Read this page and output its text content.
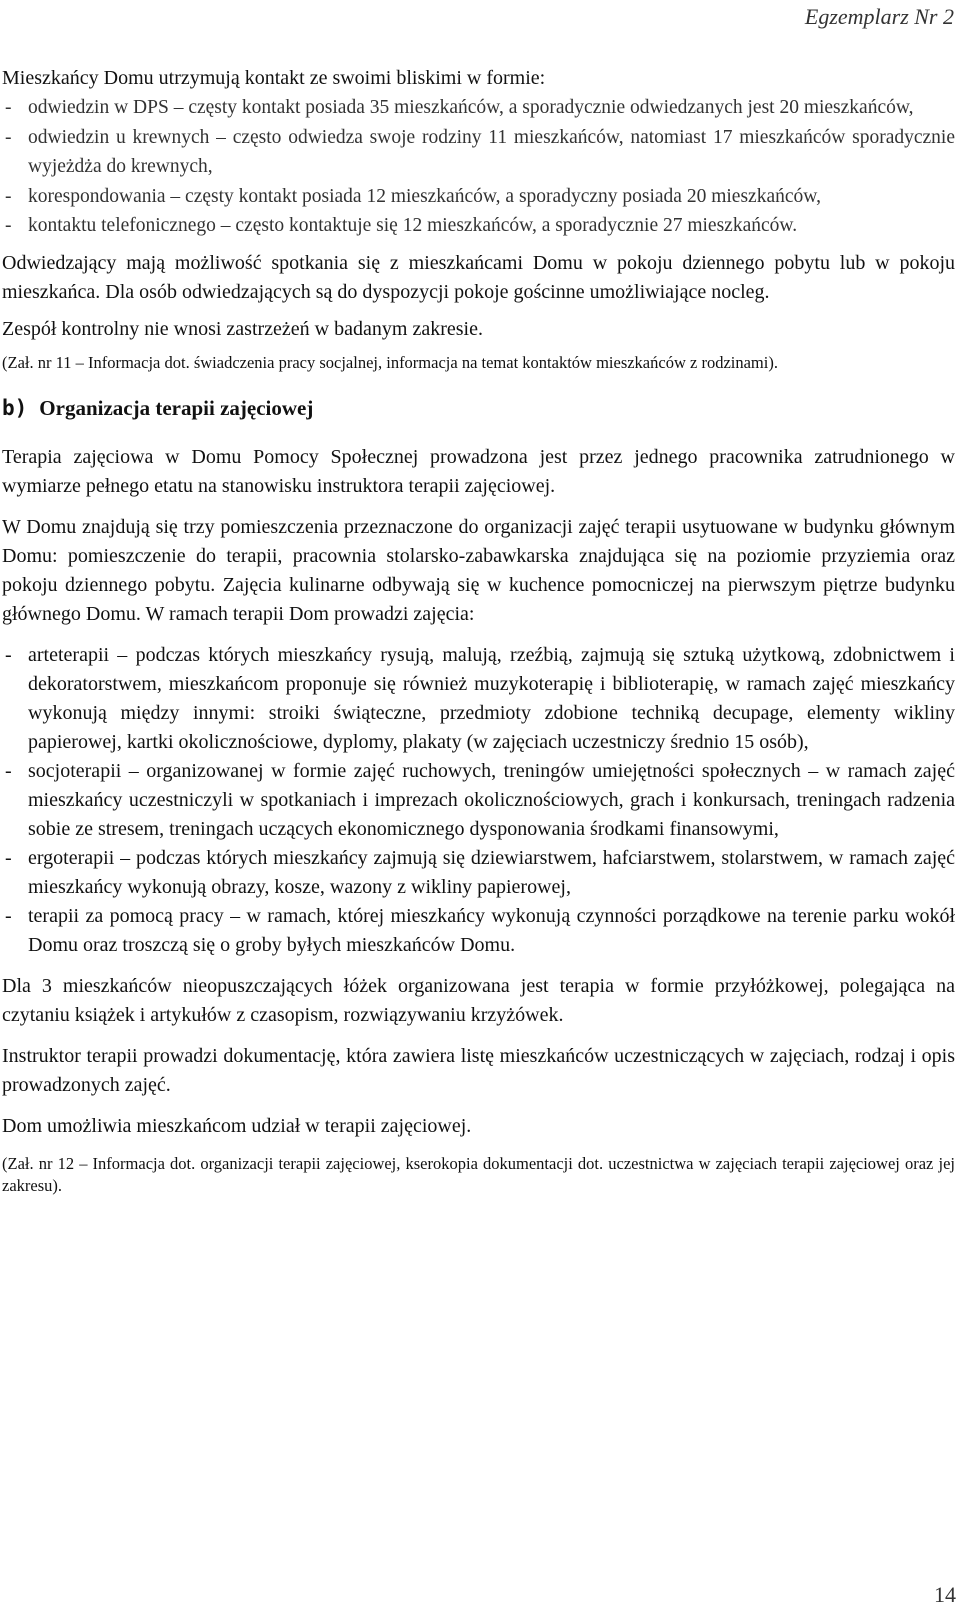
Egzemplarz Nr 2

Mieszkańcy Domu utrzymują kontakt ze swoimi bliskimi w formie:

- odwiedzin w DPS – częsty kontakt posiada 35 mieszkańców, a sporadycznie odwiedzanych jest 20 mieszkańców,
- odwiedzin u krewnych – często odwiedza swoje rodziny 11 mieszkańców, natomiast 17 mieszkańców sporadycznie wyjeżdża do krewnych,
- korespondowania – częsty kontakt posiada 12 mieszkańców, a sporadyczny posiada 20 mieszkańców,
- kontaktu telefonicznego – często kontaktuje się 12 mieszkańców, a sporadycznie 27 mieszkańców.

Odwiedzający mają możliwość spotkania się z mieszkańcami Domu w pokoju dziennego pobytu lub w pokoju mieszkańca. Dla osób odwiedzających są do dyspozycji pokoje gościnne umożliwiające nocleg.

Zespół kontrolny nie wnosi zastrzeżeń w badanym zakresie.

(Zał. nr 11 – Informacja dot. świadczenia pracy socjalnej, informacja na temat kontaktów mieszkańców z rodzinami).

b) Organizacja terapii zajęciowej

Terapia zajęciowa w Domu Pomocy Społecznej prowadzona jest przez jednego pracownika zatrudnionego w wymiarze pełnego etatu na stanowisku instruktora terapii zajęciowej.

W Domu znajdują się trzy pomieszczenia przeznaczone do organizacji zajęć terapii usytuowane w budynku głównym Domu: pomieszczenie do terapii, pracownia stolarsko-zabawkarska znajdująca się na poziomie przyziemia oraz pokoju dziennego pobytu. Zajęcia kulinarne odbywają się w kuchence pomocniczej na pierwszym piętrze budynku głównego Domu. W ramach terapii Dom prowadzi zajęcia:

- arteterapii – podczas których mieszkańcy rysują, malują, rzeźbią, zajmują się sztuką użytkową, zdobnictwem i dekoratorstwem, mieszkańcom proponuje się również muzykoterapię i biblioterapię, w ramach zajęć mieszkańcy wykonują między innymi: stroiki świąteczne, przedmioty zdobione techniką decupage, elementy wikliny papierowej, kartki okolicznościowe, dyplomy, plakaty (w zajęciach uczestniczy średnio 15 osób),
- socjoterapii – organizowanej w formie zajęć ruchowych, treningów umiejętności społecznych – w ramach zajęć mieszkańcy uczestniczyli w spotkaniach i imprezach okolicznościowych, grach i konkursach, treningach radzenia sobie ze stresem, treningach uczących ekonomicznego dysponowania środkami finansowymi,
- ergoterapii – podczas których mieszkańcy zajmują się dziewiarstwem, hafciarstwem, stolarstwem, w ramach zajęć mieszkańcy wykonują obrazy, kosze, wazony z wikliny papierowej,
- terapii za pomocą pracy – w ramach, której mieszkańcy wykonują czynności porządkowe na terenie parku wokół Domu oraz troszczą się o groby byłych mieszkańców Domu.

Dla 3 mieszkańców nieopuszczających łóżek organizowana jest terapia w formie przyłóżkowej, polegająca na czytaniu książek i artykułów z czasopism, rozwiązywaniu krzyżówek.

Instruktor terapii prowadzi dokumentację, która zawiera listę mieszkańców uczestniczących w zajęciach, rodzaj i opis prowadzonych zajęć.

Dom umożliwia mieszkańcom udział w terapii zajęciowej.

(Zał. nr 12 – Informacja dot. organizacji terapii zajęciowej, kserokopia dokumentacji dot. uczestnictwa w zajęciach terapii zajęciowej oraz jej zakresu).

14
